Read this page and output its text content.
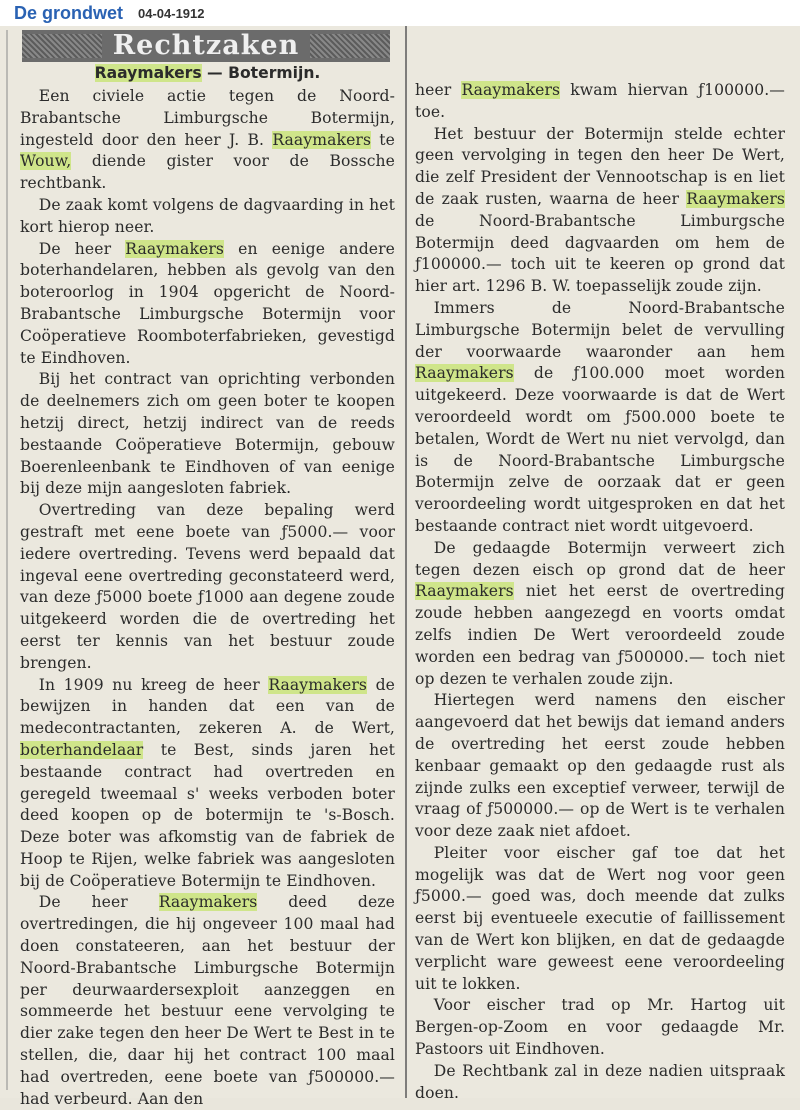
De grondwet 04-04-1912
Rechtzaken
Raaymakers — Botermijn.

Een civiele actie tegen de Noord-Brabantsche Limburgsche Botermijn, ingesteld door den heer J. B. Raaymakers te Wouw, diende gister voor de Bossche rechtbank.

De zaak komt volgens de dagvaarding in het kort hierop neer.

De heer Raaymakers en eenige andere boterhandelaren, hebben als gevolg van den boteroorlog in 1904 opgericht de Noord-Brabantsche Limburgsche Botermijn voor Coöperatieve Roomboterfabrieken, gevestigd te Eindhoven.

Bij het contract van oprichting verbonden de deelnemers zich om geen boter te koopen hetzij direct, hetzij indirect van de reeds bestaande Coöperatieve Botermijn, gebouw Boerenleenbank te Eindhoven of van eenige bij deze mijn aangesloten fabriek.

Overtreding van deze bepaling werd gestraft met eene boete van ƒ5000.— voor iedere overtreding. Tevens werd bepaald dat ingeval eene overtreding geconstateerd werd, van deze ƒ5000 boete ƒ1000 aan degene zoude uitgekeerd worden die de overtreding het eerst ter kennis van het bestuur zoude brengen.

In 1909 nu kreeg de heer Raaymakers de bewijzen in handen dat een van de medecontractanten, zekeren A. de Wert, boterhandelaar te Best, sinds jaren het bestaande contract had overtreden en geregeld tweemaal s' weeks verboden boter deed koopen op de botermijn te 's-Bosch. Deze boter was afkomstig van de fabriek de Hoop te Rijen, welke fabriek was aangesloten bij de Coöperatieve Botermijn te Eindhoven.

De heer Raaymakers deed deze overtredingen, die hij ongeveer 100 maal had doen constateeren, aan het bestuur der Noord-Brabantsche Limburgsche Botermijn per deurwaardersexploit aanzeggen en sommeerde het bestuur eene vervolging te dier zake tegen den heer De Wert te Best in te stellen, die, daar hij het contract 100 maal had overtreden, eene boete van ƒ500000.— had verbeurd. Aan den

heer Raaymakers kwam hiervan ƒ100000.— toe.

Het bestuur der Botermijn stelde echter geen vervolging in tegen den heer De Wert, die zelf President der Vennootschap is en liet de zaak rusten, waarna de heer Raaymakers de Noord-Brabantsche Limburgsche Botermijn deed dagvaarden om hem de ƒ100000.— toch uit te keeren op grond dat hier art. 1296 B. W. toepasselijk zoude zijn.

Immers de Noord-Brabantsche Limburgsche Botermijn belet de vervulling der voorwaarde waaronder aan hem Raaymakers de ƒ100.000 moet worden uitgekeerd. Deze voorwaarde is dat de Wert veroordeeld wordt om ƒ500.000 boete te betalen, Wordt de Wert nu niet vervolgd, dan is de Noord-Brabantsche Limburgsche Botermijn zelve de oorzaak dat er geen veroordeeling wordt uitgesproken en dat het bestaande contract niet wordt uitgevoerd.

De gedaagde Botermijn verweert zich tegen dezen eisch op grond dat de heer Raaymakers niet het eerst de overtreding zoude hebben aangezegd en voorts omdat zelfs indien De Wert veroordeeld zoude worden een bedrag van ƒ500000.— toch niet op dezen te verhalen zoude zijn.

Hiertegen werd namens den eischer aangevoerd dat het bewijs dat iemand anders de overtreding het eerst zoude hebben kenbaar gemaakt op den gedaagde rust als zijnde zulks een exceptief verweer, terwijl de vraag of ƒ500000.— op de Wert is te verhalen voor deze zaak niet afdoet.

Pleiter voor eischer gaf toe dat het mogelijk was dat de Wert nog voor geen ƒ5000.— goed was, doch meende dat zulks eerst bij eventueele executie of faillissement van de Wert kon blijken, en dat de gedaagde verplicht ware geweest eene veroordeeling uit te lokken.

Voor eischer trad op Mr. Hartog uit Bergen-op-Zoom en voor gedaagde Mr. Pastoors uit Eindhoven.

De Rechtbank zal in deze nadien uitspraak doen.
